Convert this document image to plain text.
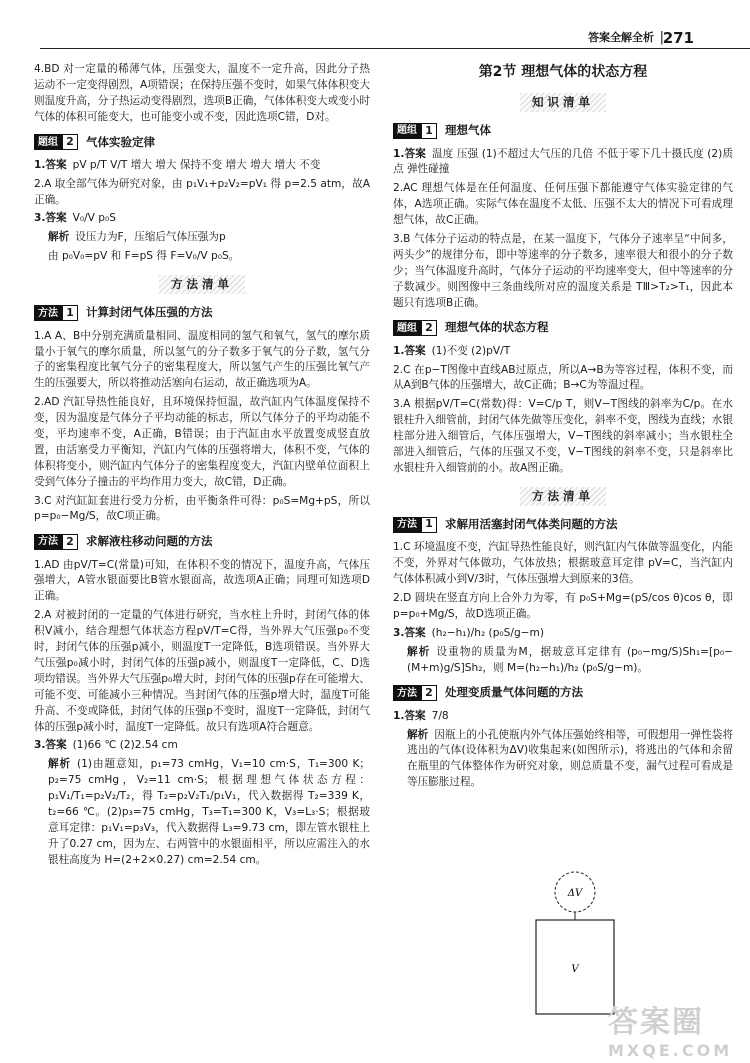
答案全解全析 |
271

4.BD 对一定量的稀薄气体，压强变大，温度不一定升高，因此分子热运动不一定变得剧烈，A项错误；在保持压强不变时，如果气体体积变大则温度升高，分子热运动变得剧烈，选项B正确，气体体积变大或变小时气体的体积可能变大，也可能变小或不变，因此选项C错，D对。

题组 2	气体实验定律

1.答案 pV p/T V/T 增大 增大 保持不变 增大 增大 增大 不变

2.A 取全部气体为研究对象，由 p₁V₁+p₂V₂=pV₁ 得 p=2.5 atm，故A正确。

3.答案 V₀/V p₀S

解析 设压力为F，压缩后气体压强为p

由 p₀V₀=pV 和 F=pS 得 F=V₀/V p₀S。

方法清单
方法 1	计算封闭气体压强的方法

1.A A、B中分别充满质量相同、温度相同的氢气和氧气，氢气的摩尔质量小于氧气的摩尔质量，所以氢气的分子数多于氧气的分子数，氢气分子的密集程度比氧气分子的密集程度大，所以氢气产生的压强比氧气产生的压强要大，所以将推动活塞向右运动，故正确选项为A。

2.AD 汽缸导热性能良好，且环境保持恒温，故汽缸内气体温度保持不变，因为温度是气体分子平均动能的标志，所以气体分子的平均动能不变，平均速率不变，A正确，B错误；由于汽缸由水平放置变成竖直放置，由活塞受力平衡知，汽缸内气体的压强将增大，体积不变，气体的体积将变小，则汽缸内气体分子的密集程度变大，汽缸内壁单位面积上受到气体分子撞击的平均作用力变大，故C错，D正确。

3.C 对汽缸缸套进行受力分析，由平衡条件可得：p₀S=Mg+pS，所以 p=p₀−Mg/S，故C项正确。

方法 2	求解液柱移动问题的方法

1.AD 由pV/T=C(常量)可知，在体积不变的情况下，温度升高，气体压强增大，A管水银面要比B管水银面高，故选项A正确；同理可知选项D正确。

2.A 对被封闭的一定量的气体进行研究，当水柱上升时，封闭气体的体积V减小，结合理想气体状态方程pV/T=C得，当外界大气压强p₀不变时，封闭气体的压强p减小，则温度T一定降低，B选项错误。当外界大气压强p₀减小时，封闭气体的压强p减小，则温度T一定降低，C、D选项均错误。当外界大气压强p₀增大时，封闭气体的压强p存在可能增大、可能不变、可能减小三种情况。当封闭气体的压强p增大时，温度T可能升高、不变或降低，封闭气体的压强p不变时，温度T一定降低，封闭气体的压强p减小时，温度T一定降低。故只有选项A符合题意。

3.答案 (1)66 ℃ (2)2.54 cm

解析 (1)由题意知，p₁=73 cmHg，V₁=10 cm·S，T₁=300 K；p₂=75 cmHg，V₂=11 cm·S；根据理想气体状态方程：p₁V₁/T₁=p₂V₂/T₂，得 T₂=p₂V₂T₁/p₁V₁，代入数据得 T₂=339 K，t₂=66 ℃。(2)p₃=75 cmHg，T₃=T₁=300 K，V₃=L₃·S；根据玻意耳定律：p₁V₁=p₃V₃，代入数据得 L₃=9.73 cm，即左管水银柱上升了0.27 cm，因为左、右两管中的水银面相平，所以应需注入的水银柱高度为 H=(2+2×0.27) cm=2.54 cm。

第2节 理想气体的状态方程
知识清单
题组 1	理想气体

1.答案 温度 压强 (1)不超过大气压的几倍 不低于零下几十摄氏度 (2)质点 弹性碰撞

2.AC 理想气体是在任何温度、任何压强下都能遵守气体实验定律的气体，A选项正确。实际气体在温度不太低、压强不太大的情况下可看成理想气体，故C正确。

3.B 气体分子运动的特点是，在某一温度下，气体分子速率呈“中间多，两头少”的规律分布，即中等速率的分子数多，速率很大和很小的分子数少；当气体温度升高时，气体分子运动的平均速率变大，但中等速率的分子数减少。则图像中三条曲线所对应的温度关系是 TⅢ>T₂>T₁，因此本题只有选项B正确。

题组 2	理想气体的状态方程

1.答案 (1)不变 (2)pV/T

2.C 在p−T图像中直线AB过原点，所以A→B为等容过程，体积不变，而从A到B气体的压强增大，故C正确；B→C为等温过程。

3.A 根据pV/T=C(常数)得：V=C/p T，则V−T图线的斜率为C/p。在水银柱升入细管前，封闭气体先做等压变化，斜率不变，图线为直线；水银柱部分进入细管后，气体压强增大，V−T图线的斜率减小；当水银柱全部进入细管后，气体的压强又不变，V−T图线的斜率不变，只是斜率比水银柱升入细管前的小。故A图正确。

方法清单
方法 1	求解用活塞封闭气体类问题的方法

1.C 环境温度不变，汽缸导热性能良好，则汽缸内气体做等温变化，内能不变，外界对气体做功，气体放热；根据玻意耳定律 pV=C，当汽缸内气体体积减小到V/3时，气体压强增大到原来的3倍。

2.D 圆块在竖直方向上合外力为零，有 p₀S+Mg=(pS/cos θ)cos θ，即 p=p₀+Mg/S，故D选项正确。

3.答案 (h₂−h₁)/h₂ (p₀S/g−m)

解析 设重物的质量为M，据玻意耳定律有 (p₀−mg/S)Sh₁=[p₀−(M+m)g/S]Sh₂，则 M=(h₂−h₁)/h₂ (p₀S/g−m)。

方法 2	处理变质量气体问题的方法

1.答案 7/8

解析 因瓶上的小孔使瓶内外气体压强始终相等，可假想用一弹性袋将逃出的气体(设体积为ΔV)收集起来(如图所示)，将逃出的气体和余留在瓶里的气体整体作为研究对象，则总质量不变，漏气过程可看成是等压膨胀过程。

ΔV
V
答案圈
MXQE.COM
